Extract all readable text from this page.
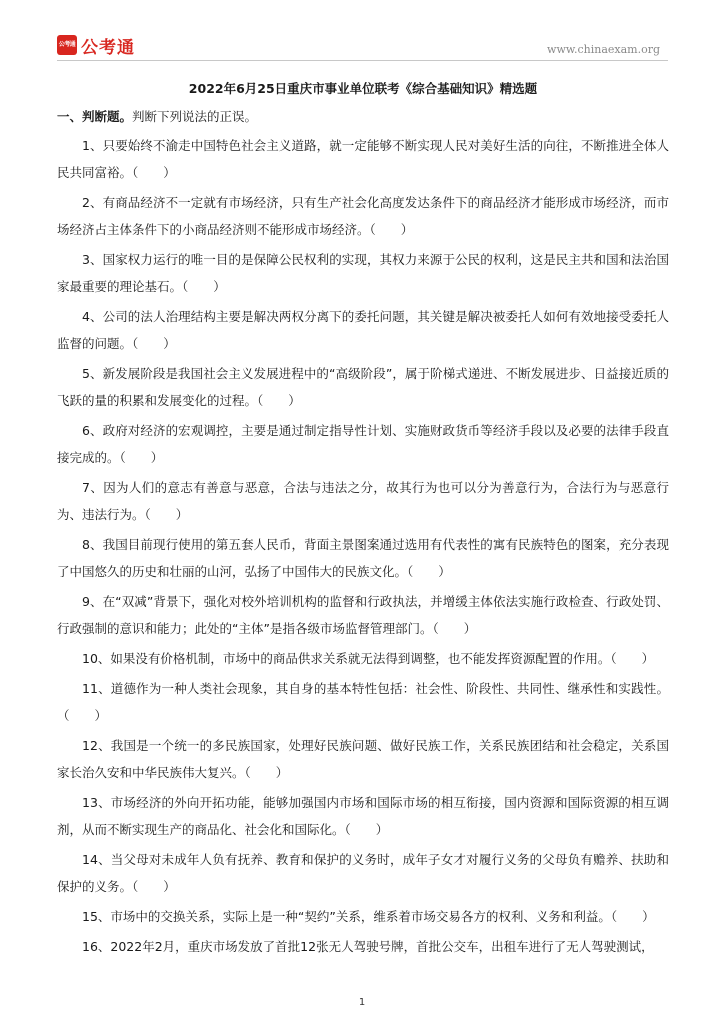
公考通 公考通	www.chinaexam.org

2022年6月25日重庆市事业单位联考《综合基础知识》精选题

一、判断题。判断下列说法的正误。

1、只要始终不渝走中国特色社会主义道路，就一定能够不断实现人民对美好生活的向往，不断推进全体人民共同富裕。（　　）

2、有商品经济不一定就有市场经济，只有生产社会化高度发达条件下的商品经济才能形成市场经济，而市场经济占主体条件下的小商品经济则不能形成市场经济。（　　）

3、国家权力运行的唯一目的是保障公民权利的实现，其权力来源于公民的权利，这是民主共和国和法治国家最重要的理论基石。（　　）

4、公司的法人治理结构主要是解决两权分离下的委托问题，其关键是解决被委托人如何有效地接受委托人监督的问题。（　　）

5、新发展阶段是我国社会主义发展进程中的“高级阶段”，属于阶梯式递进、不断发展进步、日益接近质的飞跃的量的积累和发展变化的过程。（　　）

6、政府对经济的宏观调控，主要是通过制定指导性计划、实施财政货币等经济手段以及必要的法律手段直接完成的。（　　）

7、因为人们的意志有善意与恶意，合法与违法之分，故其行为也可以分为善意行为，合法行为与恶意行为、违法行为。（　　）

8、我国目前现行使用的第五套人民币，背面主景图案通过选用有代表性的寓有民族特色的图案，充分表现了中国悠久的历史和壮丽的山河，弘扬了中国伟大的民族文化。（　　）

9、在“双减”背景下，强化对校外培训机构的监督和行政执法，并增缓主体依法实施行政检查、行政处罚、行政强制的意识和能力；此处的“主体”是指各级市场监督管理部门。（　　）

10、如果没有价格机制，市场中的商品供求关系就无法得到调整，也不能发挥资源配置的作用。（　　）

11、道德作为一种人类社会现象，其自身的基本特性包括：社会性、阶段性、共同性、继承性和实践性。（　　）

12、我国是一个统一的多民族国家，处理好民族问题、做好民族工作，关系民族团结和社会稳定，关系国家长治久安和中华民族伟大复兴。（　　）

13、市场经济的外向开拓功能，能够加强国内市场和国际市场的相互衔接，国内资源和国际资源的相互调剂，从而不断实现生产的商品化、社会化和国际化。（　　）

14、当父母对未成年人负有抚养、教育和保护的义务时，成年子女才对履行义务的父母负有赡养、扶助和保护的义务。（　　）

15、市场中的交换关系，实际上是一种“契约”关系，维系着市场交易各方的权利、义务和利益。（　　）

16、2022年2月，重庆市场发放了首批12张无人驾驶号牌，首批公交车，出租车进行了无人驾驶测试，

1
